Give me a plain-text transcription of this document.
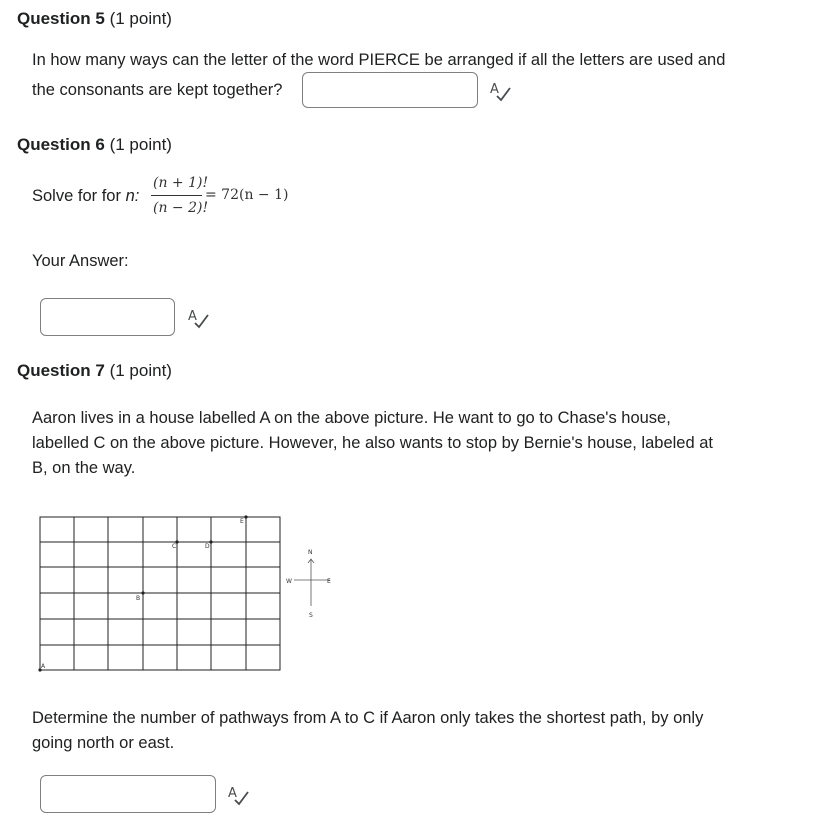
Question 5 (1 point)
In how many ways can the letter of the word PIERCE be arranged if all the letters are used and
the consonants are kept together?	A
Question 6 (1 point)
Solve for for n:
(n + 1)!
(n − 2)!
= 72(n − 1)
Your Answer:
A
Question 7 (1 point)
Aaron lives in a house labelled A on the above picture. He want to go to Chase's house,
labelled C on the above picture. However, he also wants to stop by Bernie's house, labeled at
B, on the way.
A
B
C	D
E
N
S
E
W
Determine the number of pathways from A to C if Aaron only takes the shortest path, by only
going north or east.
A
